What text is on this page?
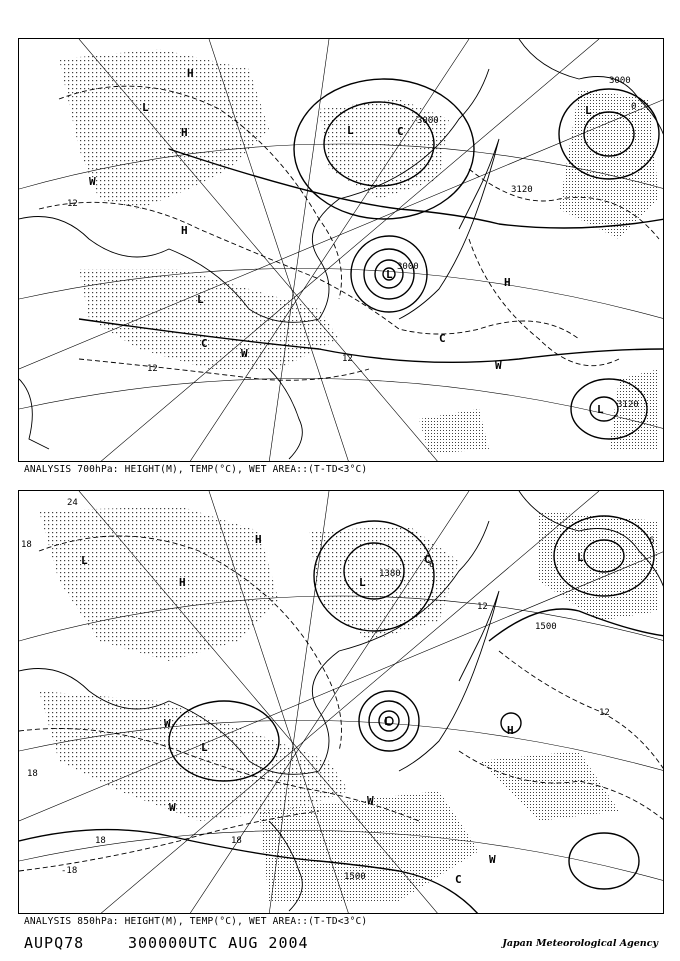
H
H
H
H
L
L
L
L
L
L
W
W
W
C
C	C
3000
3000
3000
3120
3120
12
12
12
0
ANALYSIS 700hPa: HEIGHT(M), TEMP(°C), WET AREA::(T-TD<3°C)
H
H
H
L
L
L
L
L
W
W
W
W
C
C
24
18
18
18	18
-18
1500
1500
1380
12
6
6
12
ANALYSIS 850hPa: HEIGHT(M), TEMP(°C), WET AREA::(T-TD<3°C)
AUPQ78	300000UTC AUG 2004	Japan Meteorological Agency
